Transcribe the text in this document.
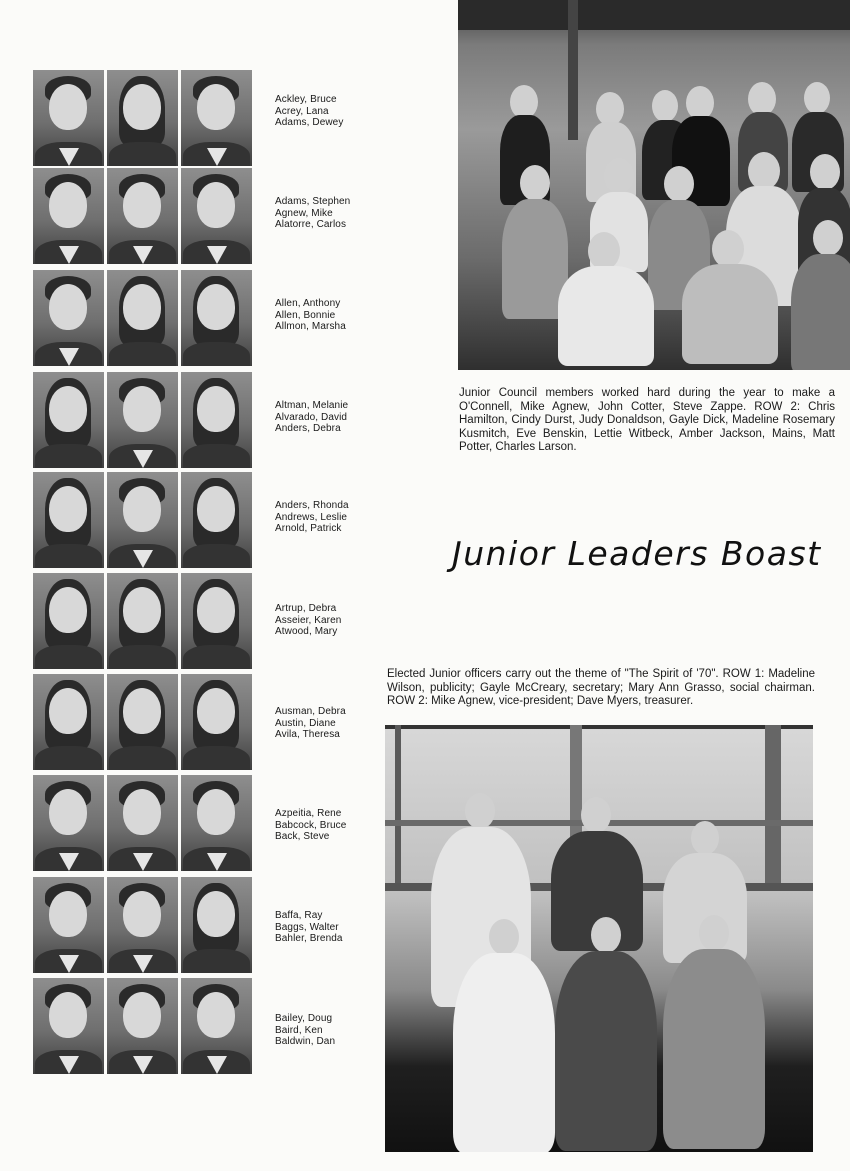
Ackley, Bruce
Acrey, Lana
Adams, Dewey
Adams, Stephen
Agnew, Mike
Alatorre, Carlos
Allen, Anthony
Allen, Bonnie
Allmon, Marsha
Altman, Melanie
Alvarado, David
Anders, Debra
Anders, Rhonda
Andrews, Leslie
Arnold, Patrick
Artrup, Debra
Asseier, Karen
Atwood, Mary
Ausman, Debra
Austin, Diane
Avila, Theresa
Azpeitia, Rene
Babcock, Bruce
Back, Steve
Baffa, Ray
Baggs, Walter
Bahler, Brenda
Bailey, Doug
Baird, Ken
Baldwin, Dan
Junior Council members worked hard during the year to make a O'Connell, Mike Agnew, John Cotter, Steve Zappe. ROW 2: Chris Hamilton, Cindy Durst, Judy Donaldson, Gayle Dick, Madeline Rosemary Kusmitch, Eve Benskin, Lettie Witbeck, Amber Jackson, Mains, Matt Potter, Charles Larson.
Junior Leaders Boast
Elected Junior officers carry out the theme of "The Spirit of '70". ROW 1: Madeline Wilson, publicity; Gayle McCreary, secretary; Mary Ann Grasso, social chairman. ROW 2: Mike Agnew, vice-president; Dave Myers, treasurer.
